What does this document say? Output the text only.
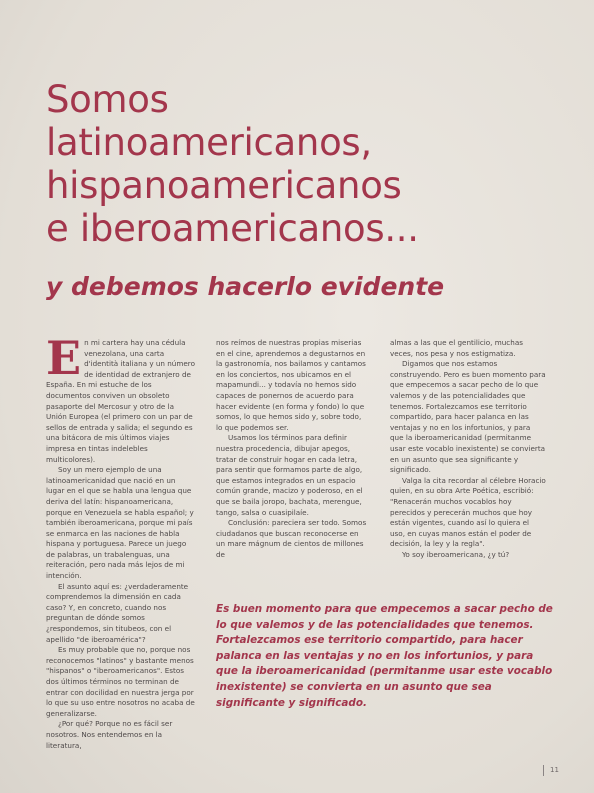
Somos
latinoamericanos,
hispanoamericanos
e iberoamericanos...
y debemos hacerlo evidente

En mi cartera hay una cédula venezolana, una carta d'identità italiana y un número de identidad de extranjero de España. En mi estuche de los documentos conviven un obsoleto pasaporte del Mercosur y otro de la Unión Europea (el primero con un par de sellos de entrada y salida; el segundo es una bitácora de mis últimos viajes impresa en tintas indelebles multicolores).

Soy un mero ejemplo de una latinoamericanidad que nació en un lugar en el que se habla una lengua que deriva del latín: hispanoamericana, porque en Venezuela se habla español; y también iberoamericana, porque mi país se enmarca en las naciones de habla hispana y portuguesa. Parece un juego de palabras, un trabalenguas, una reiteración, pero nada más lejos de mi intención.

El asunto aquí es: ¿verdaderamente comprendemos la dimensión en cada caso? Y, en concreto, cuando nos preguntan de dónde somos ¿respondemos, sin titubeos, con el apellido "de iberoamérica"?

Es muy probable que no, porque nos reconocemos "latinos" y bastante menos "hispanos" o "iberoamericanos". Estos dos últimos términos no terminan de entrar con docilidad en nuestra jerga por lo que su uso entre nosotros no acaba de generalizarse.

¿Por qué? Porque no es fácil ser nosotros. Nos entendemos en la literatura,

nos reímos de nuestras propias miserias en el cine, aprendemos a degustarnos en la gastronomía, nos bailamos y cantamos en los conciertos, nos ubicamos en el mapamundi... y todavía no hemos sido capaces de ponernos de acuerdo para hacer evidente (en forma y fondo) lo que somos, lo que hemos sido y, sobre todo, lo que podemos ser.

Usamos los términos para definir nuestra procedencia, dibujar apegos, tratar de construir hogar en cada letra, para sentir que formamos parte de algo, que estamos integrados en un espacio común grande, macizo y poderoso, en el que se baila joropo, bachata, merengue, tango, salsa o cuasipilaíe.

Conclusión: pareciera ser todo. Somos ciudadanos que buscan reconocerse en un mare mágnum de cientos de millones de

almas a las que el gentilicio, muchas veces, nos pesa y nos estigmatiza.

Digamos que nos estamos construyendo. Pero es buen momento para que empecemos a sacar pecho de lo que valemos y de las potencialidades que tenemos. Fortalezcamos ese territorio compartido, para hacer palanca en las ventajas y no en los infortunios, y para que la iberoamericanidad (permitanme usar este vocablo inexistente) se convierta en un asunto que sea significante y significado.

Valga la cita recordar al célebre Horacio quien, en su obra Arte Poética, escribió: "Renacerán muchos vocablos hoy perecidos y perecerán muchos que hoy están vigentes, cuando así lo quiera el uso, en cuyas manos están el poder de decisión, la ley y la regla".

Yo soy iberoamericana, ¿y tú?

Es buen momento para que empecemos a sacar pecho de lo que valemos y de las potencialidades que tenemos. Fortalezcamos ese territorio compartido, para hacer palanca en las ventajas y no en los infortunios, y para que la iberoamericanidad (permitanme usar este vocablo inexistente) se convierta en un asunto que sea significante y significado.

11
